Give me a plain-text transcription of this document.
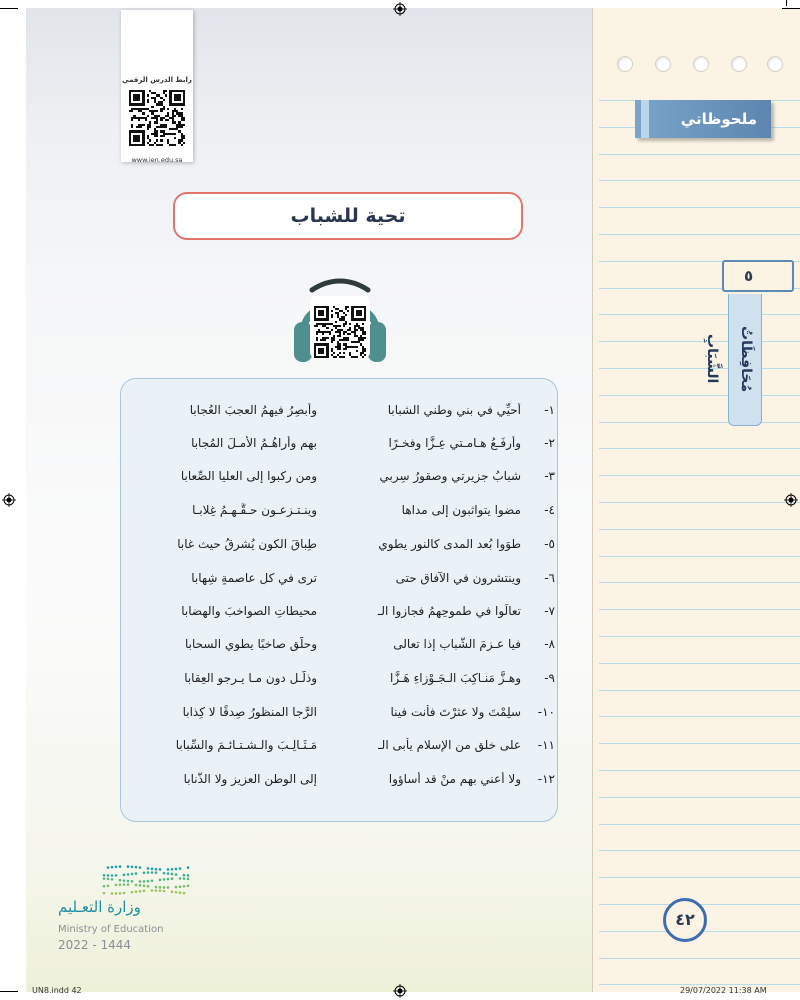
ملحوظاتي
٥
مُحَافِظَاتُ الشَّبَابِ
رابط الدرس الرقمي
www.ien.edu.sa
تحية للشباب
١-
أُحيِّي في بني وطني الشبابا
وأُبصِرُ فيهمُ العجبَ العُجابا
٢-
وأرفَـعُ هـامـتي عِـزًّا وفخـرًا
بهم وأراهُـمُ الأمـلَ المُجابا
٣-
شبابُ جزيرتي وصقورُ سِربي
ومن ركبوا إلى العليا الصِّعابا
٤-
مضوا يتواثبون إلى مداها
وينـتـزعـون حـقَّـهـمُ غِلابـا
٥-
طوَوا بُعد المدى كالنور يطوي
طِباقَ الكونِ يُشرقُ حيث غابا
٦-
وينتشرون في الآفاقِ حتى
ترى في كلِ عاصمةٍ شِهابا
٧-
تعالَوا في طموحِهمُ فجازوا الـ
محيطاتِ الصواخبَ والهِضابا
٨-
فيا عـزمَ الشَّبابِ إذا تعالى
وحلَّق صاخبًا يطوي السحابا
٩-
وهـزَّ مَنـاكِبَ الـجَـوْزاءِ هَـزًّا
وذلَّـل دون مـا يـرجو العِقابا
١٠-
سلِمْتَ ولا عثرْتَ فأنت فينا
الرَّجا المنظورُ صِدقًا لا كِذابا
١١-
على خلقٍ من الإسلام يأبى الـ
مَـثَـالِـبَ والـشـتـائـمَ والسِّبابا
١٢-
ولا أعني بهم منْ قد أساؤوا
إلى الوطنِ العزيزِ ولا الذُّنابا
وزارة التعـليم
Ministry of Education
2022 - 1444
٤٢
UN8.indd 42	29/07/2022 11:38 AM
